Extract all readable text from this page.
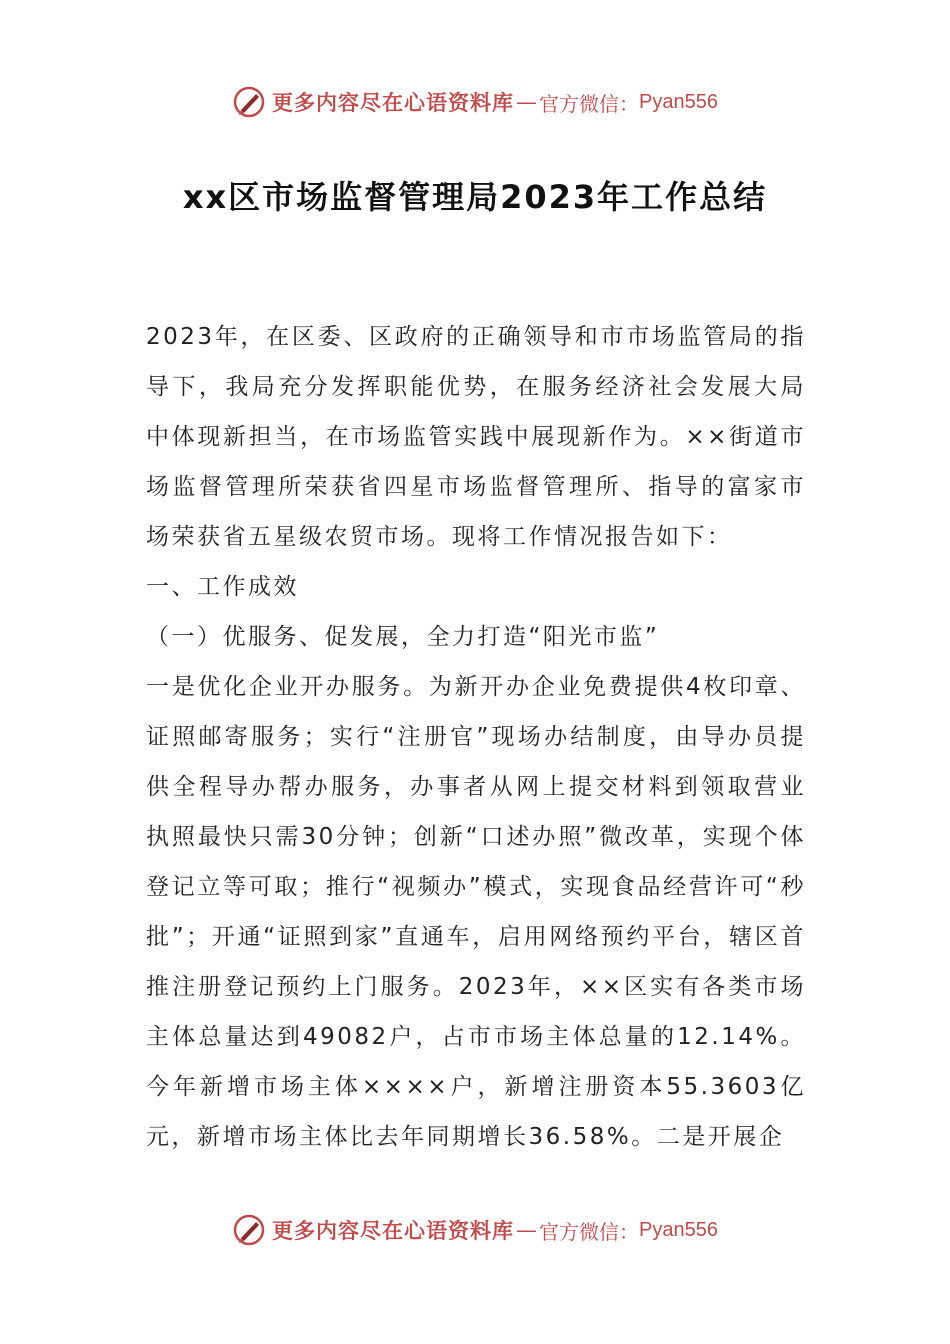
更多内容尽在心语资料库 — 官方微信： Pyan556
xx区市场监督管理局2023年工作总结

2023年，在区委、区政府的正确领导和市市场监管局的指导下，我局充分发挥职能优势，在服务经济社会发展大局中体现新担当，在市场监管实践中展现新作为。××街道市场监督管理所荣获省四星市场监督管理所、指导的富家市场荣获省五星级农贸市场。现将工作情况报告如下：

一、工作成效

（一）优服务、促发展，全力打造“阳光市监”

一是优化企业开办服务。为新开办企业免费提供4枚印章、证照邮寄服务；实行“注册官”现场办结制度，由导办员提供全程导办帮办服务，办事者从网上提交材料到领取营业执照最快只需30分钟；创新“口述办照”微改革，实现个体登记立等可取；推行“视频办”模式，实现食品经营许可“秒批”；开通“证照到家”直通车，启用网络预约平台，辖区首推注册登记预约上门服务。2023年，××区实有各类市场主体总量达到49082户，占市市场主体总量的12.14%。今年新增市场主体××××户，新增注册资本55.3603亿元，新增市场主体比去年同期增长36.58%。二是开展企

更多内容尽在心语资料库 — 官方微信： Pyan556
